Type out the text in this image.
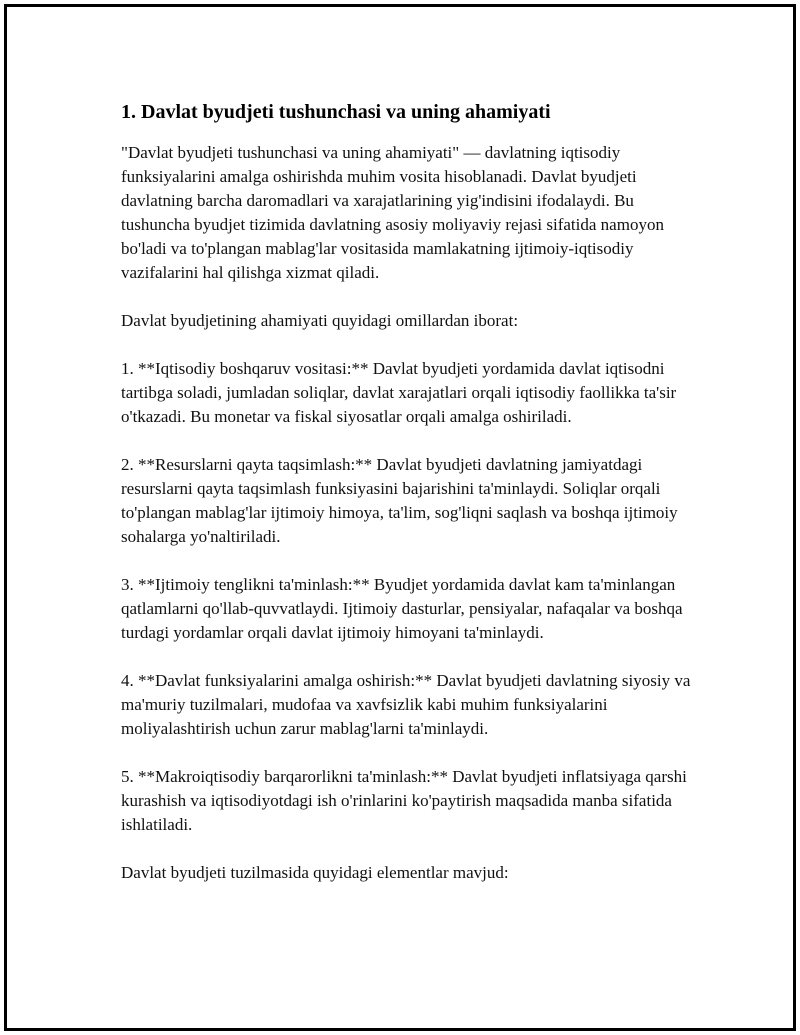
1. Davlat byudjeti tushunchasi va uning ahamiyati

"Davlat byudjeti tushunchasi va uning ahamiyati" — davlatning iqtisodiy funksiyalarini amalga oshirishda muhim vosita hisoblanadi. Davlat byudjeti davlatning barcha daromadlari va xarajatlarining yig'indisini ifodalaydi. Bu tushuncha byudjet tizimida davlatning asosiy moliyaviy rejasi sifatida namoyon bo'ladi va to'plangan mablag'lar vositasida mamlakatning ijtimoiy-iqtisodiy vazifalarini hal qilishga xizmat qiladi.

Davlat byudjetining ahamiyati quyidagi omillardan iborat:

1. **Iqtisodiy boshqaruv vositasi:** Davlat byudjeti yordamida davlat iqtisodni tartibga soladi, jumladan soliqlar, davlat xarajatlari orqali iqtisodiy faollikka ta'sir o'tkazadi. Bu monetar va fiskal siyosatlar orqali amalga oshiriladi.

2. **Resurslarni qayta taqsimlash:** Davlat byudjeti davlatning jamiyatdagi resurslarni qayta taqsimlash funksiyasini bajarishini ta'minlaydi. Soliqlar orqali to'plangan mablag'lar ijtimoiy himoya, ta'lim, sog'liqni saqlash va boshqa ijtimoiy sohalarga yo'naltiriladi.

3. **Ijtimoiy tenglikni ta'minlash:** Byudjet yordamida davlat kam ta'minlangan qatlamlarni qo'llab-quvvatlaydi. Ijtimoiy dasturlar, pensiyalar, nafaqalar va boshqa turdagi yordamlar orqali davlat ijtimoiy himoyani ta'minlaydi.

4. **Davlat funksiyalarini amalga oshirish:** Davlat byudjeti davlatning siyosiy va ma'muriy tuzilmalari, mudofaa va xavfsizlik kabi muhim funksiyalarini moliyalashtirish uchun zarur mablag'larni ta'minlaydi.

5. **Makroiqtisodiy barqarorlikni ta'minlash:** Davlat byudjeti inflatsiyaga qarshi kurashish va iqtisodiyotdagi ish o'rinlarini ko'paytirish maqsadida manba sifatida ishlatiladi.

Davlat byudjeti tuzilmasida quyidagi elementlar mavjud:
